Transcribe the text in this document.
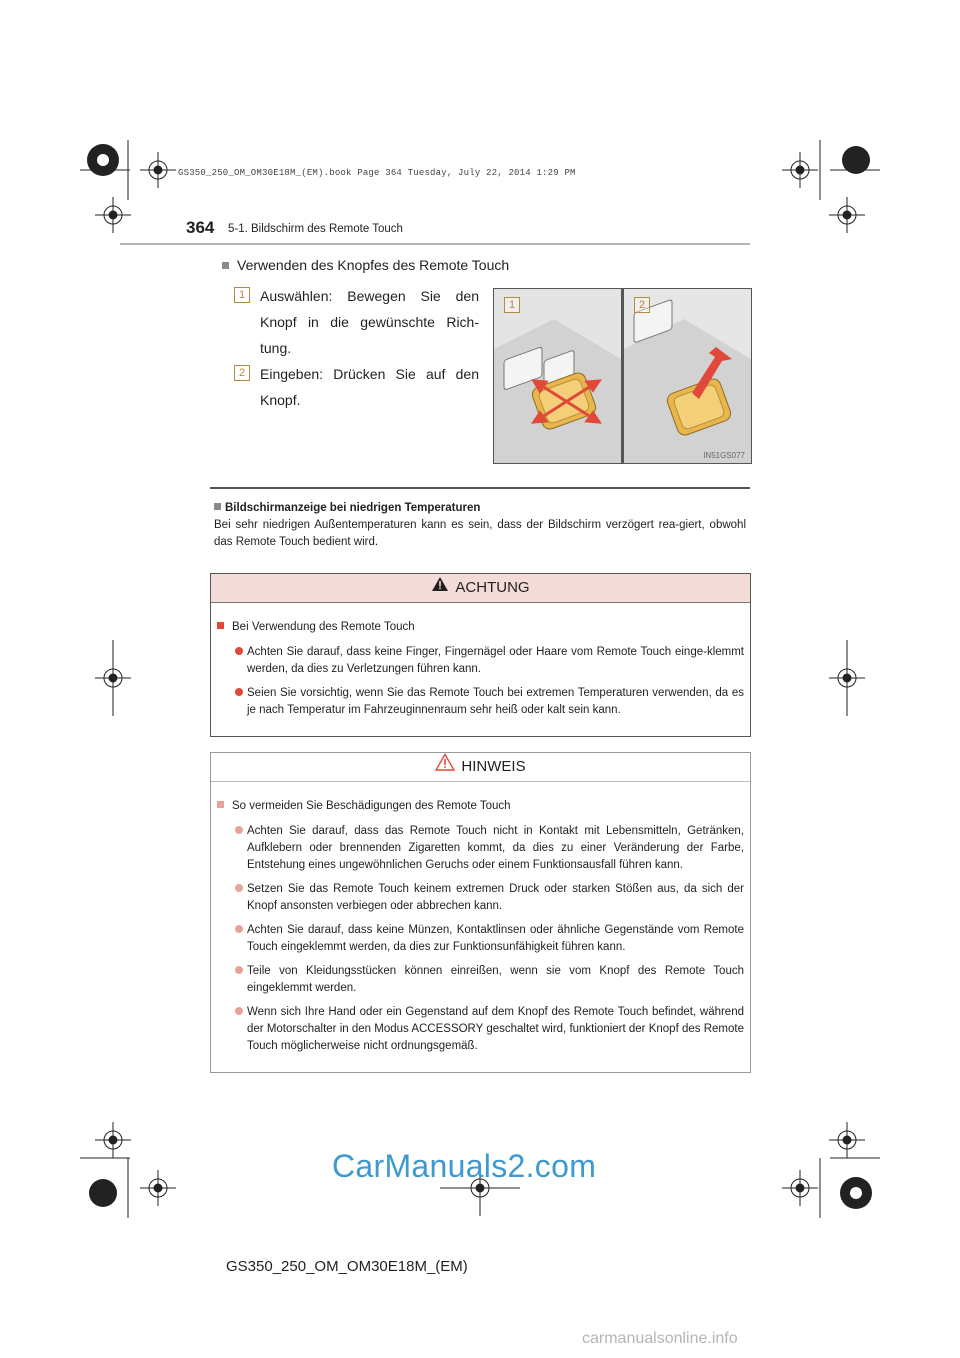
GS350_250_OM_OM30E18M_(EM).book Page 364 Tuesday, July 22, 2014 1:29 PM
364 5-1. Bildschirm des Remote Touch
Verwenden des Knopfes des Remote Touch
1	Auswählen: Bewegen Sie den Knopf in die gewünschte Rich-tung.
2	Eingeben: Drücken Sie auf den Knopf.
1	2
IN51GS077
Bildschirmanzeige bei niedrigen Temperaturen
Bei sehr niedrigen Außentemperaturen kann es sein, dass der Bildschirm verzögert rea-giert, obwohl das Remote Touch bedient wird.
ACHTUNG
Bei Verwendung des Remote Touch
Achten Sie darauf, dass keine Finger, Fingernägel oder Haare vom Remote Touch einge-klemmt werden, da dies zu Verletzungen führen kann.
Seien Sie vorsichtig, wenn Sie das Remote Touch bei extremen Temperaturen verwenden, da es je nach Temperatur im Fahrzeuginnenraum sehr heiß oder kalt sein kann.
HINWEIS
So vermeiden Sie Beschädigungen des Remote Touch
Achten Sie darauf, dass das Remote Touch nicht in Kontakt mit Lebensmitteln, Getränken, Aufklebern oder brennenden Zigaretten kommt, da dies zu einer Veränderung der Farbe, Entstehung eines ungewöhnlichen Geruchs oder einem Funktionsausfall führen kann.
Setzen Sie das Remote Touch keinem extremen Druck oder starken Stößen aus, da sich der Knopf ansonsten verbiegen oder abbrechen kann.
Achten Sie darauf, dass keine Münzen, Kontaktlinsen oder ähnliche Gegenstände vom Remote Touch eingeklemmt werden, da dies zur Funktionsunfähigkeit führen kann.
Teile von Kleidungsstücken können einreißen, wenn sie vom Knopf des Remote Touch eingeklemmt werden.
Wenn sich Ihre Hand oder ein Gegenstand auf dem Knopf des Remote Touch befindet, während der Motorschalter in den Modus ACCESSORY geschaltet wird, funktioniert der Knopf des Remote Touch möglicherweise nicht ordnungsgemäß.
CarManuals2.com
GS350_250_OM_OM30E18M_(EM)
carmanualsonline.info
